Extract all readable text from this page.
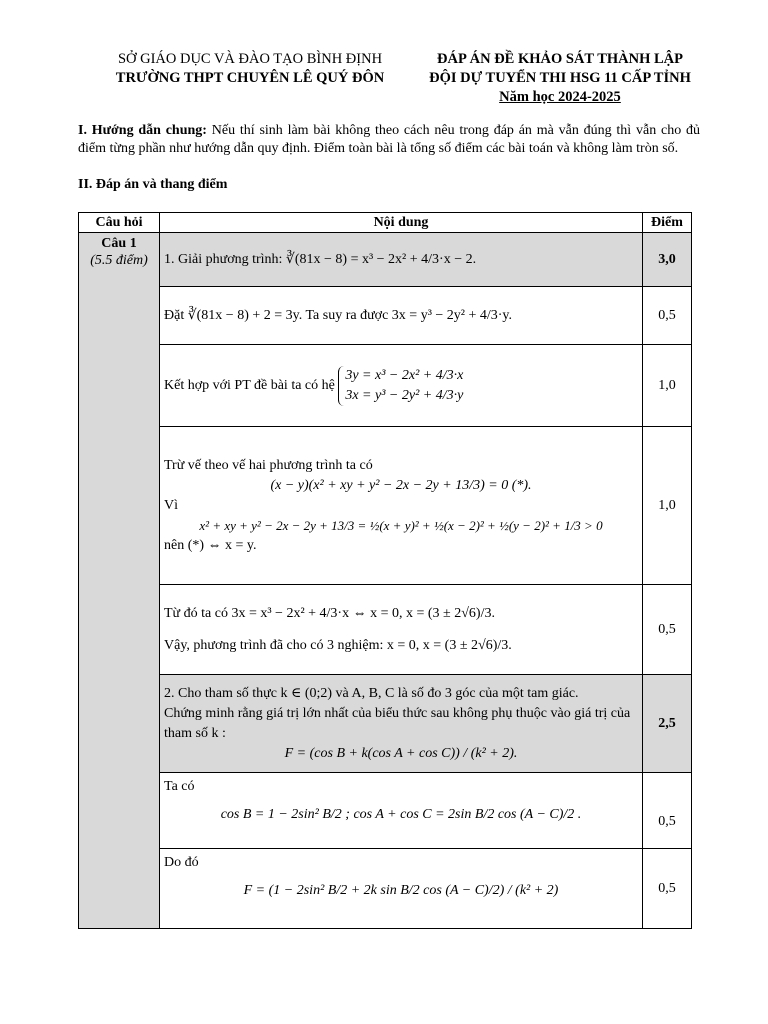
SỞ GIÁO DỤC VÀ ĐÀO TẠO BÌNH ĐỊNH
TRƯỜNG THPT CHUYÊN LÊ QUÝ ĐÔN
ĐÁP ÁN ĐỀ KHẢO SÁT THÀNH LẬP
ĐỘI DỰ TUYỂN THI HSG 11 CẤP TỈNH
Năm học 2024-2025
I. Hướng dẫn chung: Nếu thí sinh làm bài không theo cách nêu trong đáp án mà vẫn đúng thì vẫn cho đủ điểm từng phần như hướng dẫn quy định. Điểm toàn bài là tổng số điểm các bài toán và không làm tròn số.
II. Đáp án và thang điểm
Câu hỏi	Nội dung	Điểm

Câu 1
(5.5 điểm)	1. Giải phương trình: ∛(81x − 8) = x³ − 2x² + 4/3·x − 2.	3,0
	Đặt ∛(81x − 8) + 2 = 3y. Ta suy ra được 3x = y³ − 2y² + 4/3·y.	0,5
	Kết hợp với PT đề bài ta có hệ 3y = x³ − 2x² + 4/3·x
3x = y³ − 2y² + 4/3·y	1,0

	Trừ vế theo vế hai phương trình ta có
(x − y)(x² + xy + y² − 2x − 2y + 13/3) = 0 (*).
Vì
x² + xy + y² − 2x − 2y + 13/3 = ½(x + y)² + ½(x − 2)² + ½(y − 2)² + 1/3 > 0
nên (*) ⇔ x = y.	1,0

	Từ đó ta có 3x = x³ − 2x² + 4/3·x ⇔ x = 0, x = (3 ± 2√6)/3.
Vậy, phương trình đã cho có 3 nghiệm: x = 0, x = (3 ± 2√6)/3.	0,5

	2. Cho tham số thực k ∈ (0;2) và A, B, C là số đo 3 góc của một tam giác.
Chứng minh rằng giá trị lớn nhất của biểu thức sau không phụ thuộc vào giá trị của tham số k :
F = (cos B + k(cos A + cos C)) / (k² + 2).	2,5

	Ta có
cos B = 1 − 2sin² B/2 ; cos A + cos C = 2sin B/2 cos (A − C)/2 .	0,5

	Do đó
F = (1 − 2sin² B/2 + 2k sin B/2 cos (A − C)/2) / (k² + 2)	0,5
